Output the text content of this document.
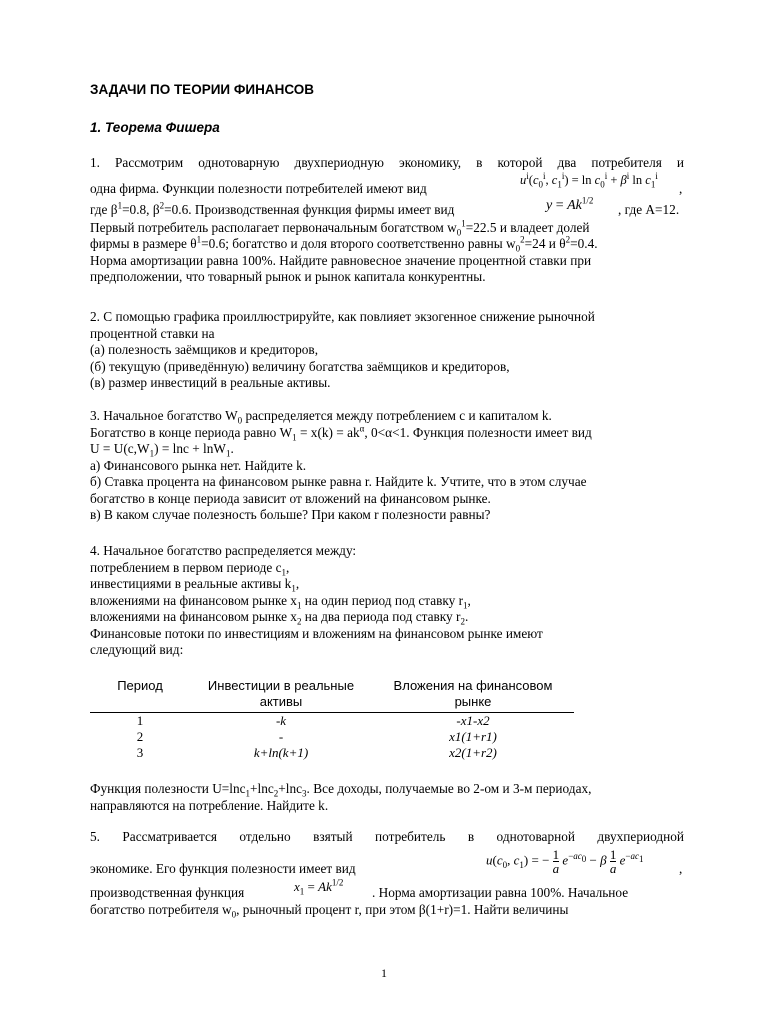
ЗАДАЧИ ПО ТЕОРИИ ФИНАНСОВ
1. Теорема Фишера
1. Рассмотрим однотоварную двухпериодную экономику, в которой два потребителя и
одна фирма. Функции полезности потребителей имеют вид
$u^i(c_0^i$, $c_1^i) = \ln c_0^i + \beta^i$ $\ln c_1^i$
,
где $\beta^1=0.8$, $\beta^2=0.6$. Производственная функция фирмы имеет вид	$y = Ak^{1/2}$
, где A=12.
Первый потребитель располагает первоначальным богатством $w_0^1=22.5$ и владеет долей
фирмы в размере $\theta^1=0.6$; богатство и доля второго соответственно равны $w_0^2=24$ и $\theta^2=0.4$.
Норма амортизации равна 100%. Найдите равновесное значение процентной ставки при
предположении, что товарный рынок и рынок капитала конкурентны.
2. С помощью графика проиллюстрируйте, как повлияет экзогенное снижение рыночной
процентной ставки на
(а) полезность заёмщиков и кредиторов,
(б) текущую (приведённую) величину богатства заёмщиков и кредиторов,
(в) размер инвестиций в реальные активы.
3. Начальное богатство $W_0$ распределяется между потреблением c и капиталом k.
Богатство в конце периода равно $W_1 = x(k) = ak^\alpha$, 0<α<1. Функция полезности имеет вид
$U = U(c,W_1) = \ln c + \ln W_1$.
а) Финансового рынка нет. Найдите k.
б) Ставка процента на финансовом рынке равна r. Найдите k. Учтите, что в этом случае
богатство в конце периода зависит от вложений на финансовом рынке.
в) В каком случае полезность больше? При каком r полезности равны?
4. Начальное богатство распределяется между:
потреблением в первом периоде $c_1$,
инвестициями в реальные активы $k_1$,
вложениями на финансовом рынке $x_1$ на один период под ставку $r_1$,
вложениями на финансовом рынке $x_2$ на два периода под ставку $r_2$.
Финансовые потоки по инвестициям и вложениям на финансовом рынке имеют
следующий вид:
Период	Инвестиции в реальные активы	Вложения на финансовом рынке
1	-k	-x1-x2
2	-	x1(1+r1)
3	k+ln(k+1)	x2(1+r2)
Функция полезности U=lnc$_1$+lnc$_2$+lnc$_3$. Все доходы, получаемые во 2-ом и 3-м периодах,
направляются на потребление. Найдите k.
5. Рассматривается отдельно взятый потребитель в однотоварной двухпериодной
экономике. Его функция полезности имеет вид
$u(c_0$, $c_1$) = − $\frac{1}{a} e^{-ac_0} - \beta \frac{1}{a} e^{-ac_1}$
,
производственная функция	$x_1 = Ak^{1/2}$
. Норма амортизации равна 100%. Начальное
богатство потребителя $w_0$, рыночный процент r, при этом β(1+r)=1. Найти величины
1
